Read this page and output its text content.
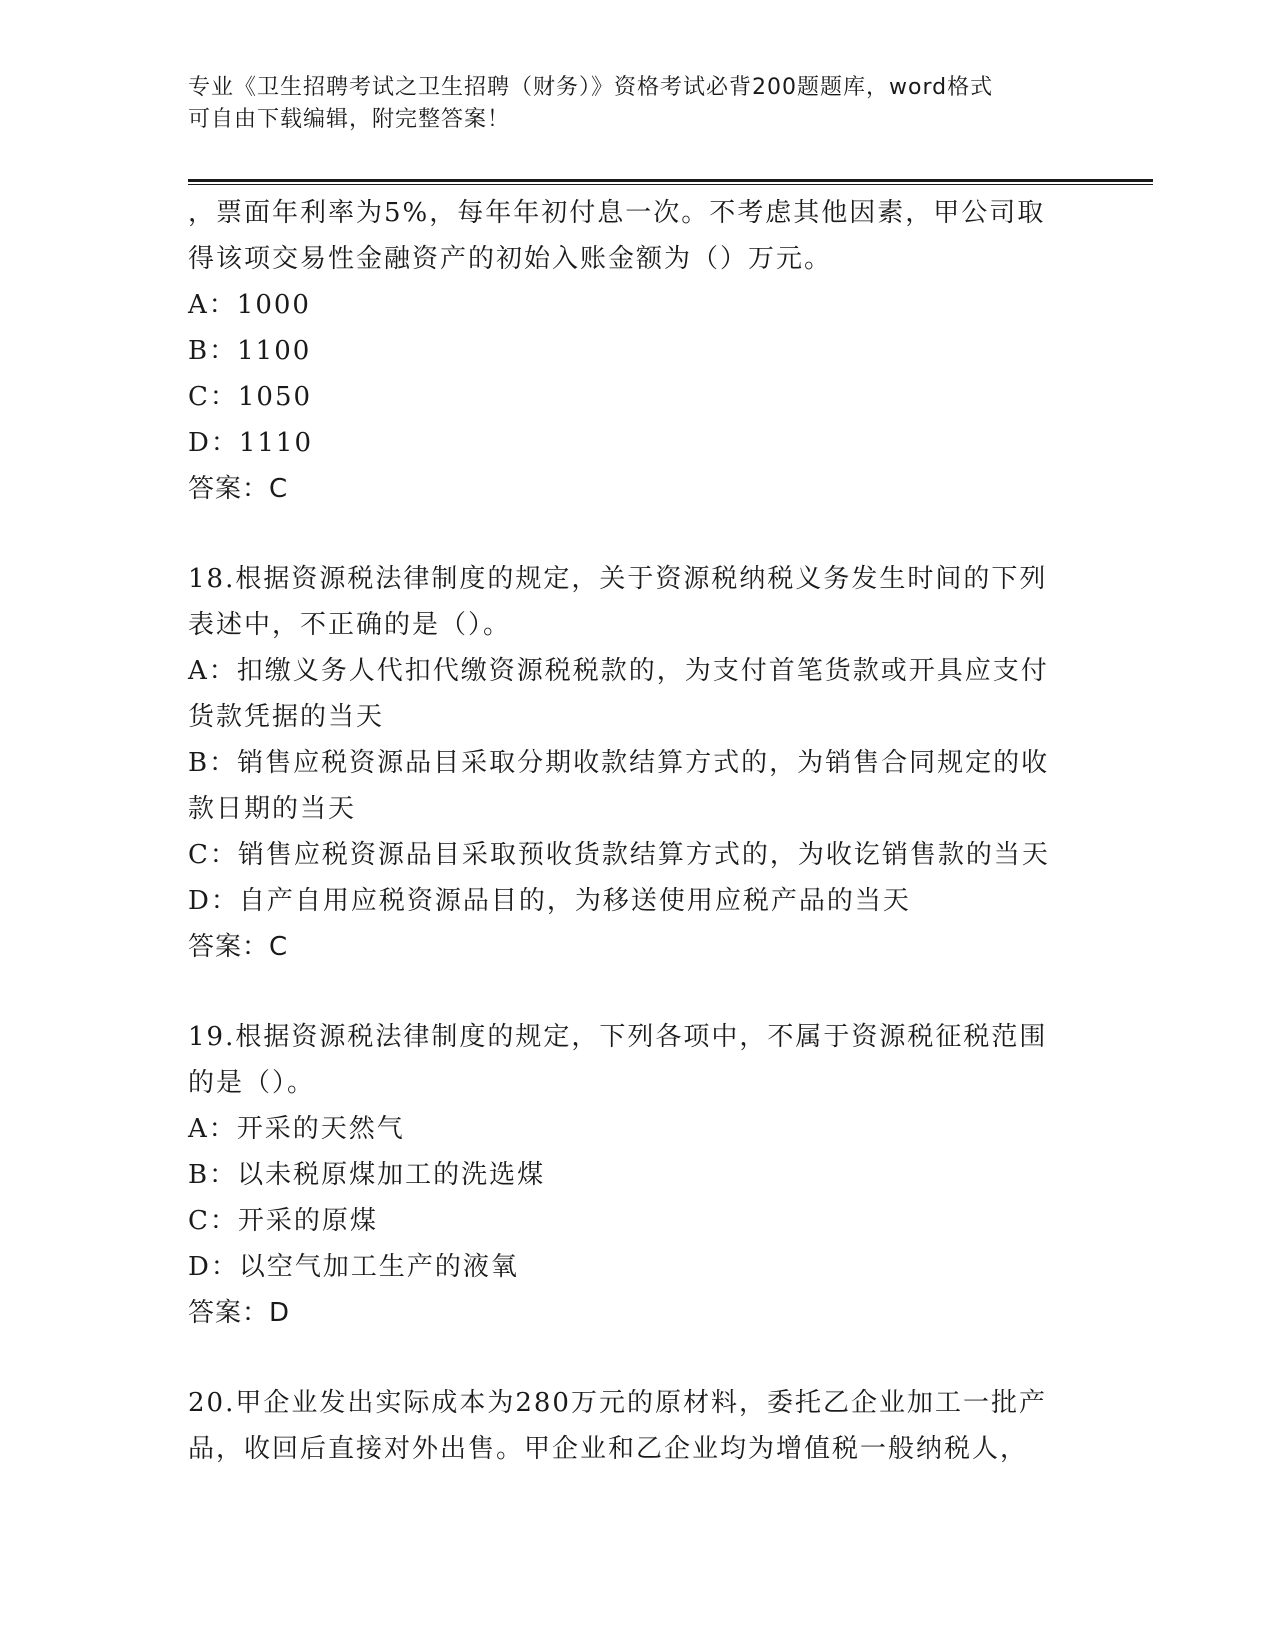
专业《卫生招聘考试之卫生招聘（财务）》资格考试必背200题题库，word格式
可自由下载编辑，附完整答案！
，票面年利率为5%，每年年初付息一次。不考虑其他因素，甲公司取
得该项交易性金融资产的初始入账金额为（）万元。
A：1000
B：1100
C：1050
D：1110
答案：C
18.根据资源税法律制度的规定，关于资源税纳税义务发生时间的下列
表述中，不正确的是（）。
A：扣缴义务人代扣代缴资源税税款的，为支付首笔货款或开具应支付
货款凭据的当天
B：销售应税资源品目采取分期收款结算方式的，为销售合同规定的收
款日期的当天
C：销售应税资源品目采取预收货款结算方式的，为收讫销售款的当天
D：自产自用应税资源品目的，为移送使用应税产品的当天
答案：C
19.根据资源税法律制度的规定，下列各项中，不属于资源税征税范围
的是（）。
A：开采的天然气
B：以未税原煤加工的洗选煤
C：开采的原煤
D：以空气加工生产的液氧
答案：D
20.甲企业发出实际成本为280万元的原材料，委托乙企业加工一批产
品，收回后直接对外出售。甲企业和乙企业均为增值税一般纳税人，
